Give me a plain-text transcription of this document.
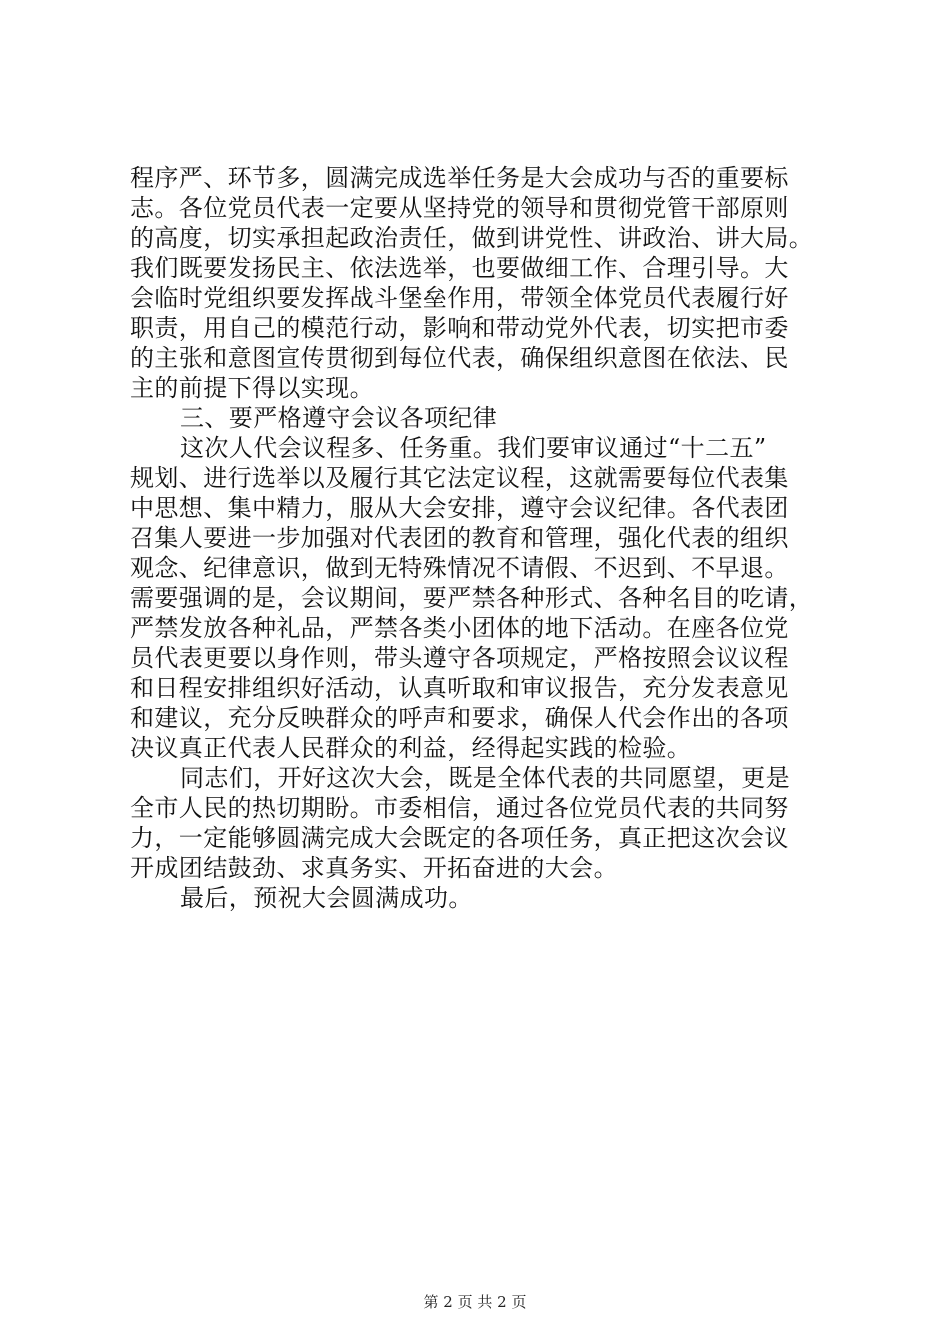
程序严、环节多，圆满完成选举任务是大会成功与否的重要标
志。各位党员代表一定要从坚持党的领导和贯彻党管干部原则
的高度，切实承担起政治责任，做到讲党性、讲政治、讲大局。
我们既要发扬民主、依法选举，也要做细工作、合理引导。大
会临时党组织要发挥战斗堡垒作用，带领全体党员代表履行好
职责，用自己的模范行动，影响和带动党外代表，切实把市委
的主张和意图宣传贯彻到每位代表，确保组织意图在依法、民
主的前提下得以实现。
三、要严格遵守会议各项纪律
这次人代会议程多、任务重。我们要审议通过“十二五”
规划、进行选举以及履行其它法定议程，这就需要每位代表集
中思想、集中精力，服从大会安排，遵守会议纪律。各代表团
召集人要进一步加强对代表团的教育和管理，强化代表的组织
观念、纪律意识，做到无特殊情况不请假、不迟到、不早退。
需要强调的是，会议期间，要严禁各种形式、各种名目的吃请，
严禁发放各种礼品，严禁各类小团体的地下活动。在座各位党
员代表更要以身作则，带头遵守各项规定，严格按照会议议程
和日程安排组织好活动，认真听取和审议报告，充分发表意见
和建议，充分反映群众的呼声和要求，确保人代会作出的各项
决议真正代表人民群众的利益，经得起实践的检验。
同志们，开好这次大会，既是全体代表的共同愿望，更是
全市人民的热切期盼。市委相信，通过各位党员代表的共同努
力，一定能够圆满完成大会既定的各项任务，真正把这次会议
开成团结鼓劲、求真务实、开拓奋进的大会。
最后，预祝大会圆满成功。
第 2 页 共 2 页
